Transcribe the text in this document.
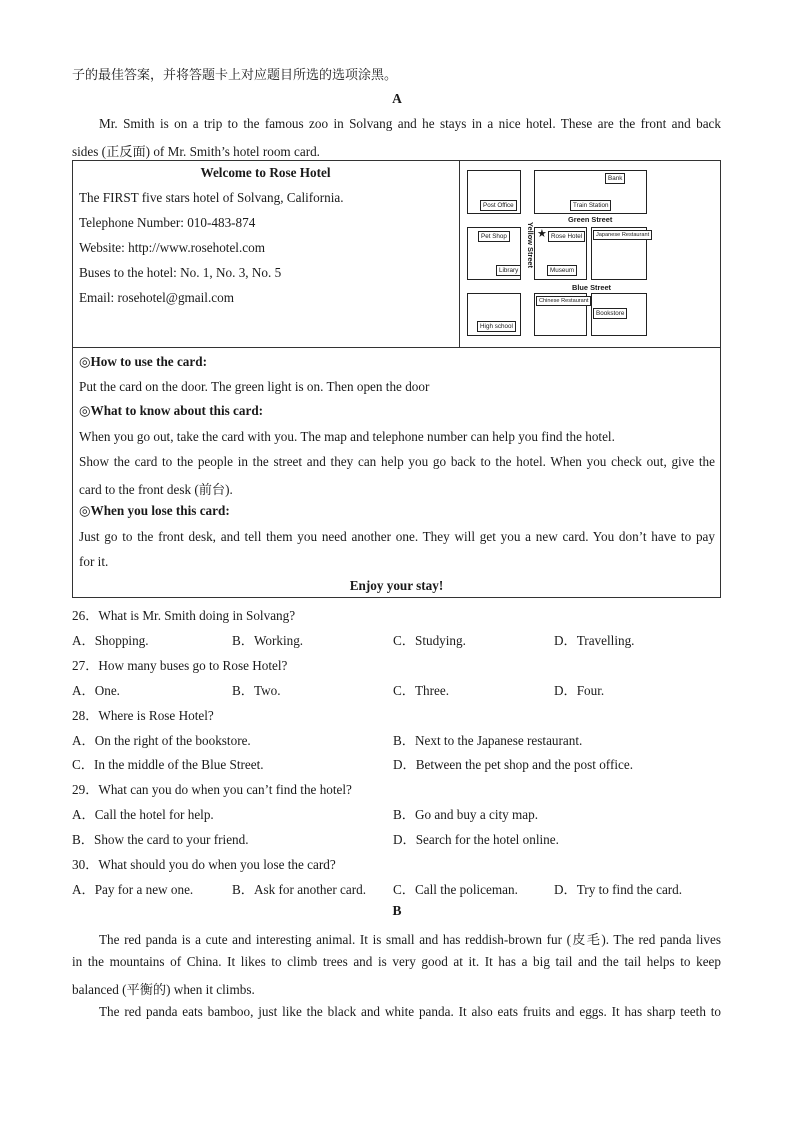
子的最佳答案，并将答题卡上对应题目所选的选项涂黑。
A
Mr. Smith is on a trip to the famous zoo in Solvang and he stays in a nice hotel. These are the front and back
sides (正反面) of Mr. Smith’s hotel room card.
Welcome to Rose Hotel
The FIRST five stars hotel of Solvang, California.
Telephone Number: 010-483-874
Website: http://www.rosehotel.com
Buses to the hotel: No. 1, No. 3, No. 5
Email: rosehotel@gmail.com
Post Office
Bank
Train Station
Green Street
Pet Shop
Library
Yellow Street ★ Rose Hotel
Museum
Japanese Restaurant
Blue Street
High school
Chinese Restaurant
Bookstore
◎How to use the card:
Put the card on the door. The green light is on. Then open the door
◎What to know about this card:
When you go out, take the card with you. The map and telephone number can help you find the hotel.
Show the card to the people in the street and they can help you go back to the hotel. When you check out, give the
card to the front desk (前台).
◎When you lose this card:
Just go to the front desk, and tell them you need another one. They will get you a new card. You don’t have to pay
for it.
Enjoy your stay!
26．What is Mr. Smith doing in Solvang?
A．Shopping.	B．Working.	C．Studying.	D．Travelling.
27．How many buses go to Rose Hotel?
A．One.	B．Two.	C．Three.	D．Four.
28．Where is Rose Hotel?
A．On the right of the bookstore.	B．Next to the Japanese restaurant.
C．In the middle of the Blue Street.	D．Between the pet shop and the post office.
29．What can you do when you can’t find the hotel?
A．Call the hotel for help.	B．Go and buy a city map.
B．Show the card to your friend.	D．Search for the hotel online.
30．What should you do when you lose the card?
A．Pay for a new one.	B．Ask for another card. C．Call the policeman.	D．Try to find the card.
B
The red panda is a cute and interesting animal. It is small and has reddish-brown fur (皮毛). The red panda lives
in the mountains of China. It likes to climb trees and is very good at it. It has a big tail and the tail helps to keep
balanced (平衡的) when it climbs.
The red panda eats bamboo, just like the black and white panda. It also eats fruits and eggs. It has sharp teeth to
